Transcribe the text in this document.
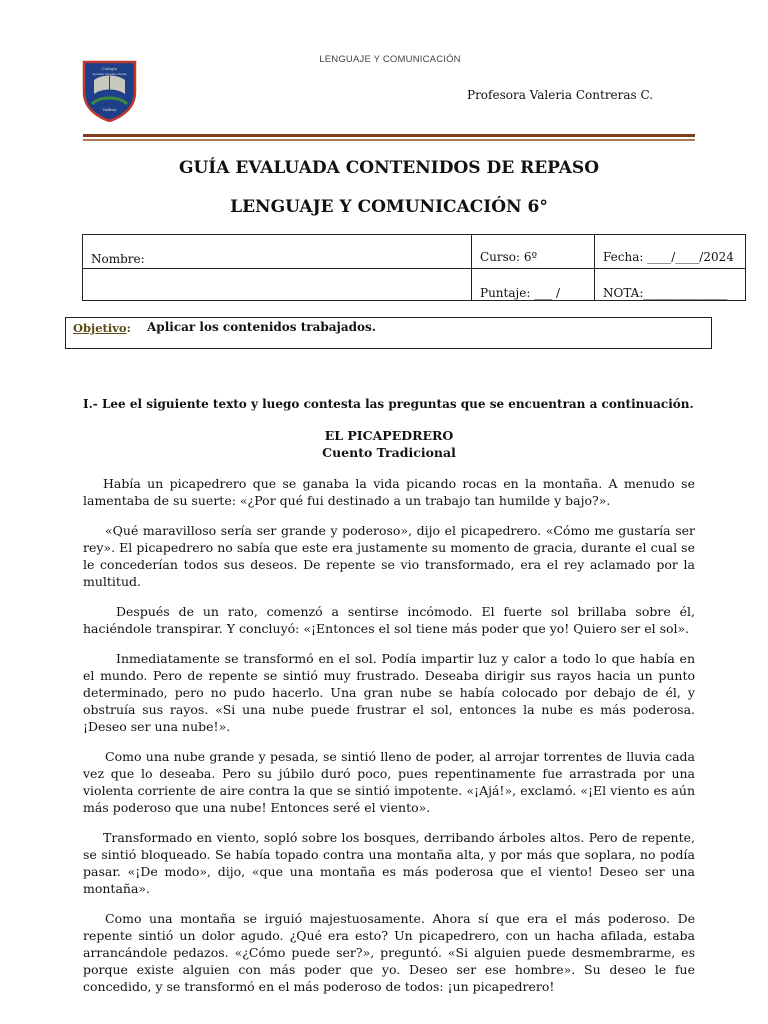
LENGUAJE Y COMUNICACIÓN
Colegio
Agustín Vicente Dupla
Valdivia
Profesora Valeria Contreras C.
GUÍA EVALUADA CONTENIDOS DE REPASO
LENGUAJE Y COMUNICACIÓN 6°
Nombre:	Curso: 6º	Fecha: ____/____/2024

	Puntaje: ___ /	NOTA:______________
Objetivo: Aplicar los contenidos trabajados.
I.- Lee el siguiente texto y luego contesta las preguntas que se encuentran a continuación.
EL PICAPEDRERO
Cuento Tradicional

Había un picapedrero que se ganaba la vida picando rocas en la montaña. A menudo se lamentaba de su suerte: «¿Por qué fui destinado a un trabajo tan humilde y bajo?».

«Qué maravilloso sería ser grande y poderoso», dijo el picapedrero. «Cómo me gustaría ser rey». El picapedrero no sabía que este era justamente su momento de gracia, durante el cual se le concederían todos sus deseos. De repente se vio transformado, era el rey aclamado por la multitud.

Después de un rato, comenzó a sentirse incómodo. El fuerte sol brillaba sobre él, haciéndole transpirar. Y concluyó: «¡Entonces el sol tiene más poder que yo! Quiero ser el sol».

Inmediatamente se transformó en el sol. Podía impartir luz y calor a todo lo que había en el mundo. Pero de repente se sintió muy frustrado. Deseaba dirigir sus rayos hacia un punto determinado, pero no pudo hacerlo. Una gran nube se había colocado por debajo de él, y obstruía sus rayos. «Si una nube puede frustrar el sol, entonces la nube es más poderosa. ¡Deseo ser una nube!».

Como una nube grande y pesada, se sintió lleno de poder, al arrojar torrentes de lluvia cada vez que lo deseaba. Pero su júbilo duró poco, pues repentinamente fue arrastrada por una violenta corriente de aire contra la que se sintió impotente. «¡Ajá!», exclamó. «¡El viento es aún más poderoso que una nube! Entonces seré el viento».

Transformado en viento, sopló sobre los bosques, derribando árboles altos. Pero de repente, se sintió bloqueado. Se había topado contra una montaña alta, y por más que soplara, no podía pasar. «¡De modo», dijo, «que una montaña es más poderosa que el viento! Deseo ser una montaña».

Como una montaña se irguió majestuosamente. Ahora sí que era el más poderoso. De repente sintió un dolor agudo. ¿Qué era esto? Un picapedrero, con un hacha afilada, estaba arrancándole pedazos. «¿Cómo puede ser?», preguntó. «Si alguien puede desmembrarme, es porque existe alguien con más poder que yo. Deseo ser ese hombre». Su deseo le fue concedido, y se transformó en el más poderoso de todos: ¡un picapedrero!
